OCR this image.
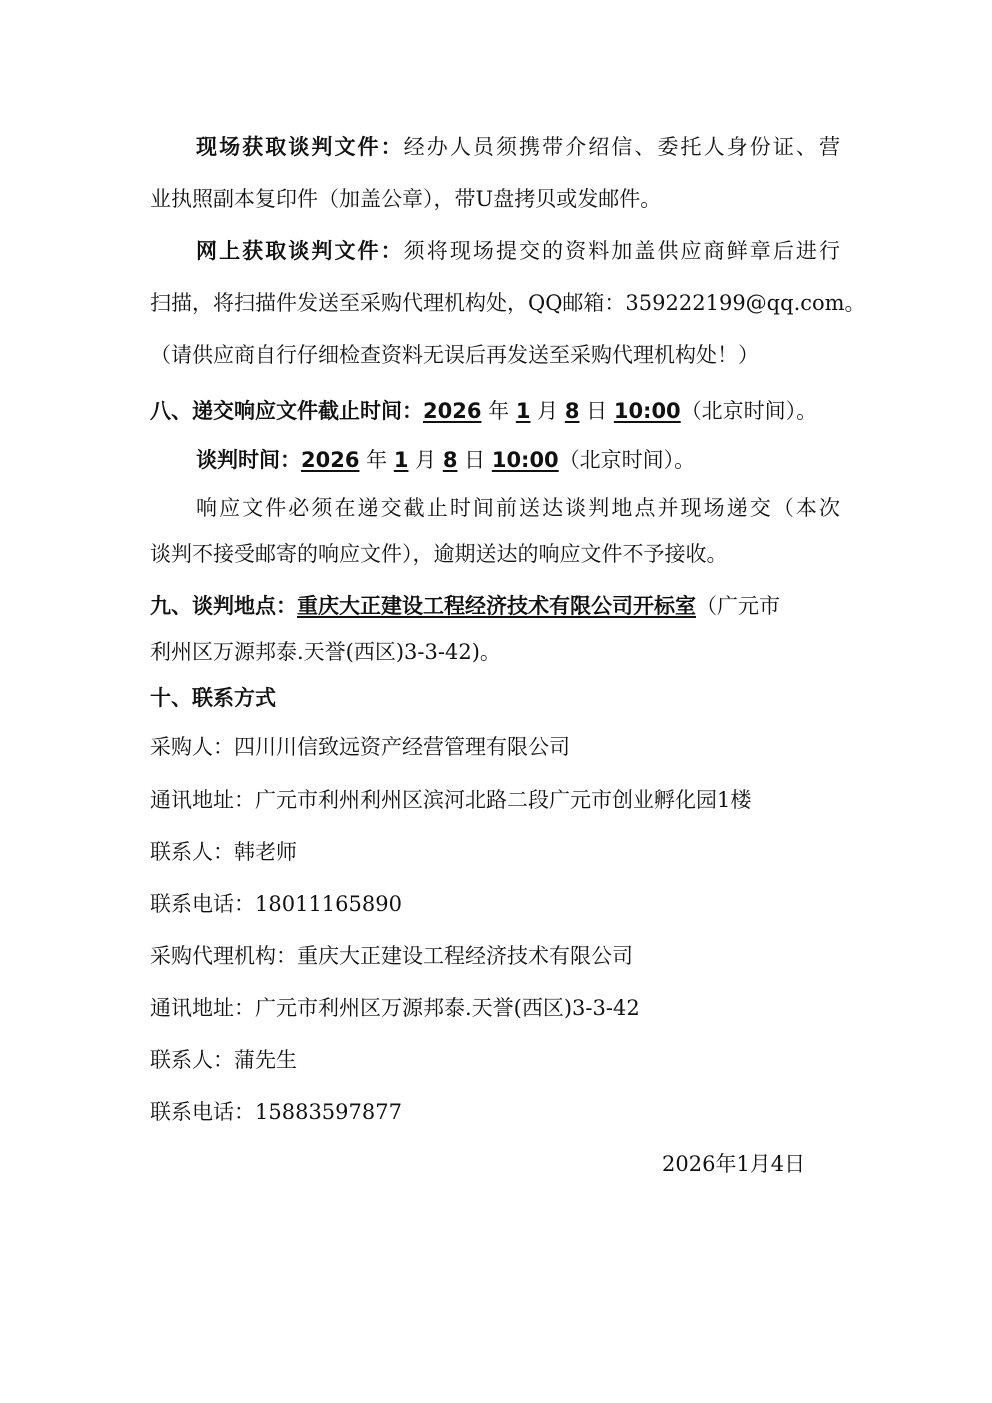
现场获取谈判文件：经办人员须携带介绍信、委托人身份证、营
业执照副本复印件（加盖公章），带U盘拷贝或发邮件。
网上获取谈判文件：须将现场提交的资料加盖供应商鲜章后进行
扫描，将扫描件发送至采购代理机构处，QQ邮箱：359222199@qq.com。
（请供应商自行仔细检查资料无误后再发送至采购代理机构处！）
八、递交响应文件截止时间：2026 年 1 月 8 日 10:00（北京时间）。
谈判时间：2026 年 1 月 8 日 10:00（北京时间）。
响应文件必须在递交截止时间前送达谈判地点并现场递交（本次
谈判不接受邮寄的响应文件），逾期送达的响应文件不予接收。
九、谈判地点：重庆大正建设工程经济技术有限公司开标室（广元市
利州区万源邦泰.天誉(西区)3-3-42)。
十、联系方式
采购人：四川川信致远资产经营管理有限公司
通讯地址：广元市利州利州区滨河北路二段广元市创业孵化园1楼
联系人：韩老师
联系电话：18011165890
采购代理机构：重庆大正建设工程经济技术有限公司
通讯地址：广元市利州区万源邦泰.天誉(西区)3-3-42
联系人：蒲先生
联系电话：15883597877
2026年1月4日
